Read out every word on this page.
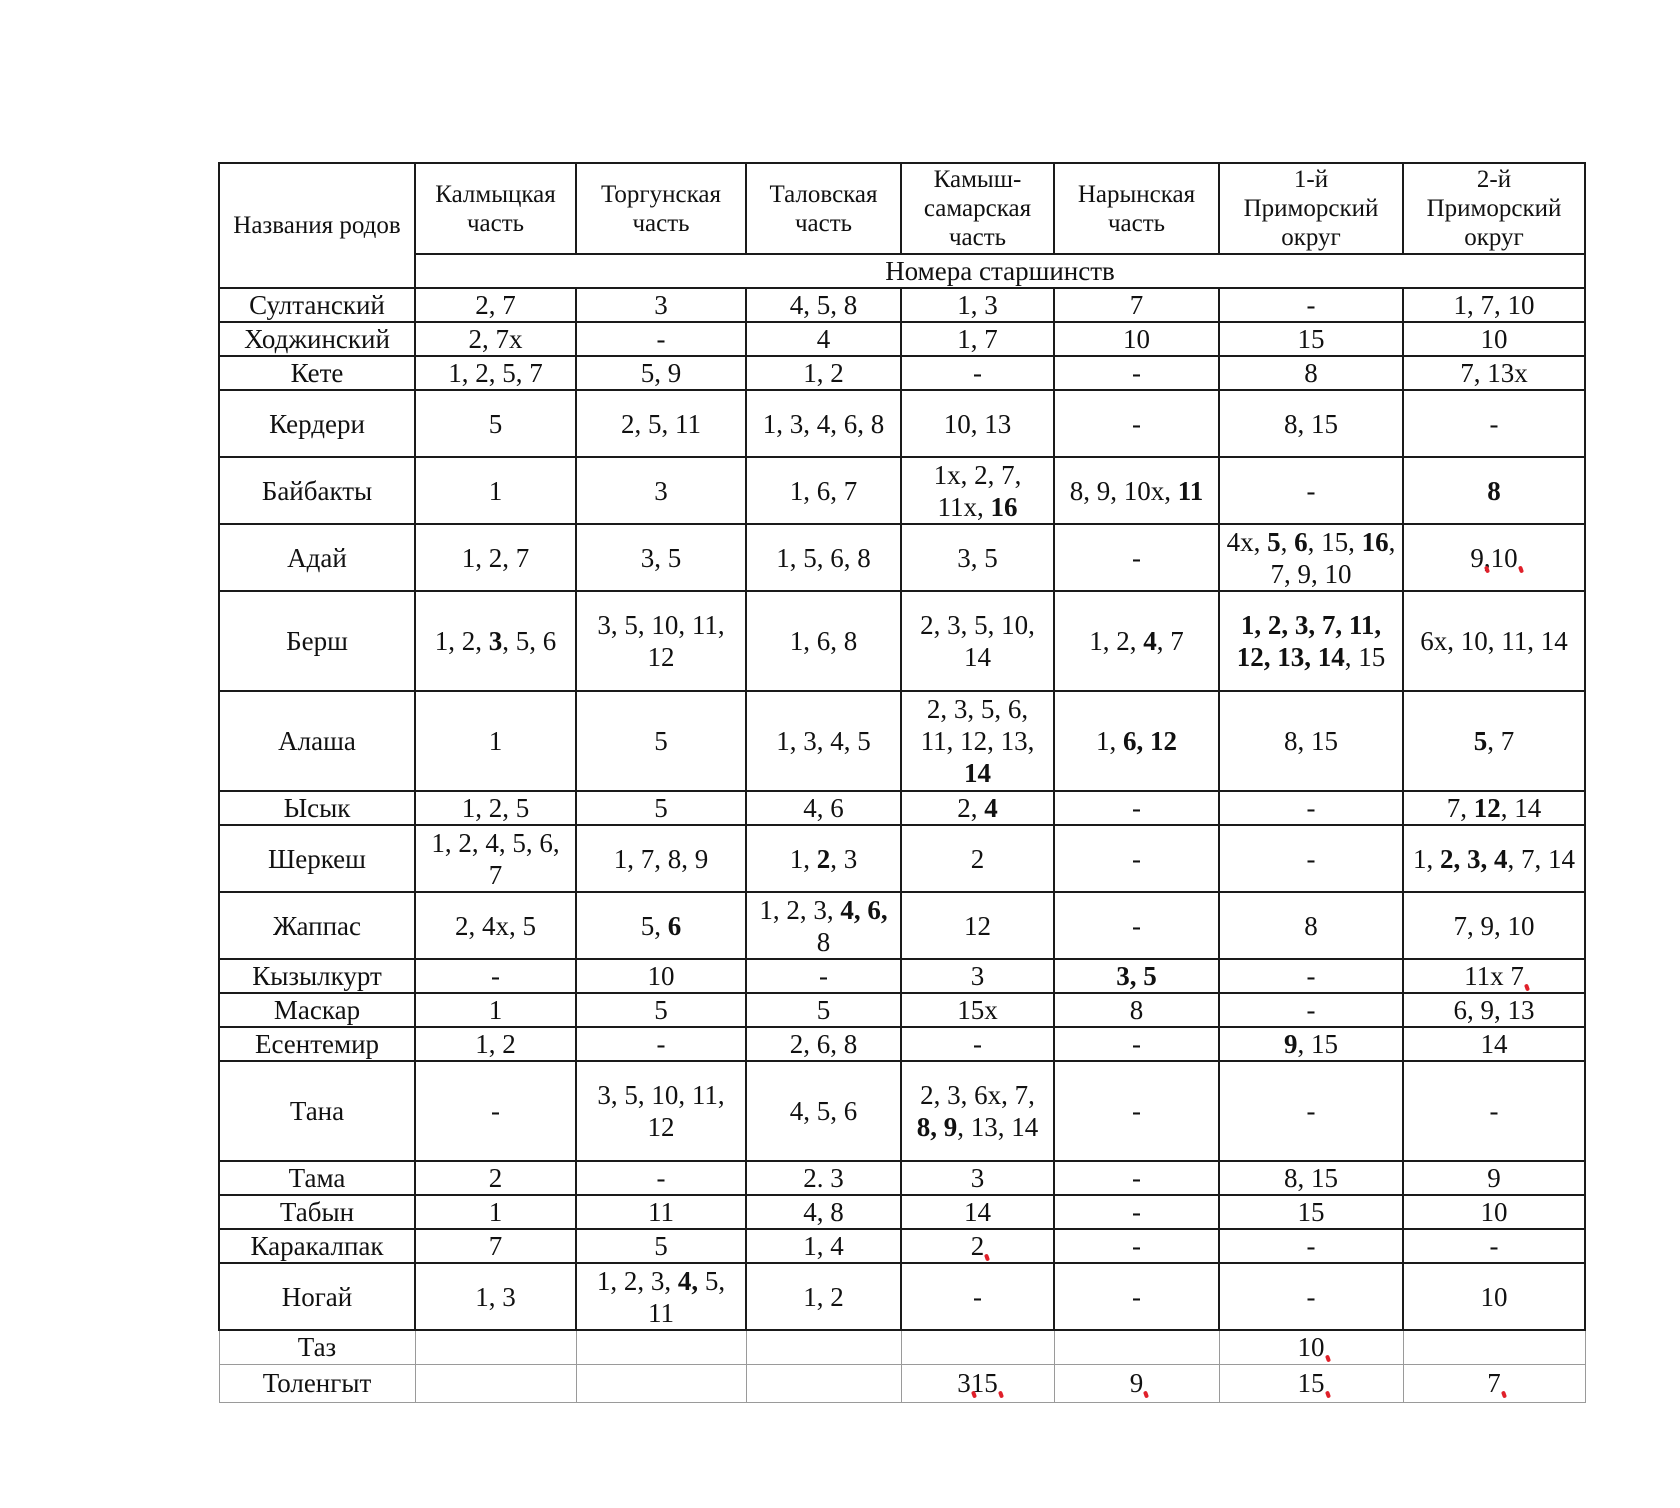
Названия родов	Калмыцкая часть	Торгунская часть	Таловская часть	Камыш-самарская часть	Нарынская часть	1-й Приморский округ	2-й Приморский округ
	Номера старшинств						
Султанский	2, 7	3	4, 5, 8	1, 3	7	-	1, 7, 10
Ходжинский	2, 7х	-	4	1, 7	10	15	10
Кете	1, 2, 5, 7	5, 9	1, 2	-	-	8	7, 13х
Кердери	5	2, 5, 11	1, 3, 4, 6, 8	10, 13	-	8, 15	-
Байбакты	1	3	1, 6, 7	1х, 2, 7, 11х, 16	8, 9, 10х, 11	-	8
Адай	1, 2, 7	3, 5	1, 5, 6, 8	3, 5	-	4х, 5, 6, 15, 16, 7, 9, 10	9,10
Берш	1, 2, 3, 5, 6	3, 5, 10, 11, 12	1, 6, 8	2, 3, 5, 10, 14	1, 2, 4, 7	1, 2, 3, 7, 11, 12, 13, 14, 15	6х, 10, 11, 14
Алаша	1	5	1, 3, 4, 5	2, 3, 5, 6, 11, 12, 13, 14	1, 6, 12	8, 15	5, 7
Ысык	1, 2, 5	5	4, 6	2, 4	-	-	7, 12, 14
Шеркеш	1, 2, 4, 5, 6, 7	1, 7, 8, 9	1, 2, 3	2	-	-	1, 2, 3, 4, 7, 14
Жаппас	2, 4х, 5	5, 6	1, 2, 3, 4, 6, 8	12	-	8	7, 9, 10
Кызылкурт	-	10	-	3	3, 5	-	11х 7
Маскар	1	5	5	15х	8	-	6, 9, 13
Есентемир	1, 2	-	2, 6, 8	-	-	9, 15	14
Тана	-	3, 5, 10, 11, 12	4, 5, 6	2, 3, 6х, 7, 8, 9, 13, 14	-	-	-
Тама	2	-	2. 3	3	-	8, 15	9
Табын	1	11	4, 8	14	-	15	10
Каракалпак	7	5	1, 4	2	-	-	-
Ногай	1, 3	1, 2, 3, 4, 5, 11	1, 2	-	-	-	10
Таз						10	
Толенгыт				315	9	15	7
